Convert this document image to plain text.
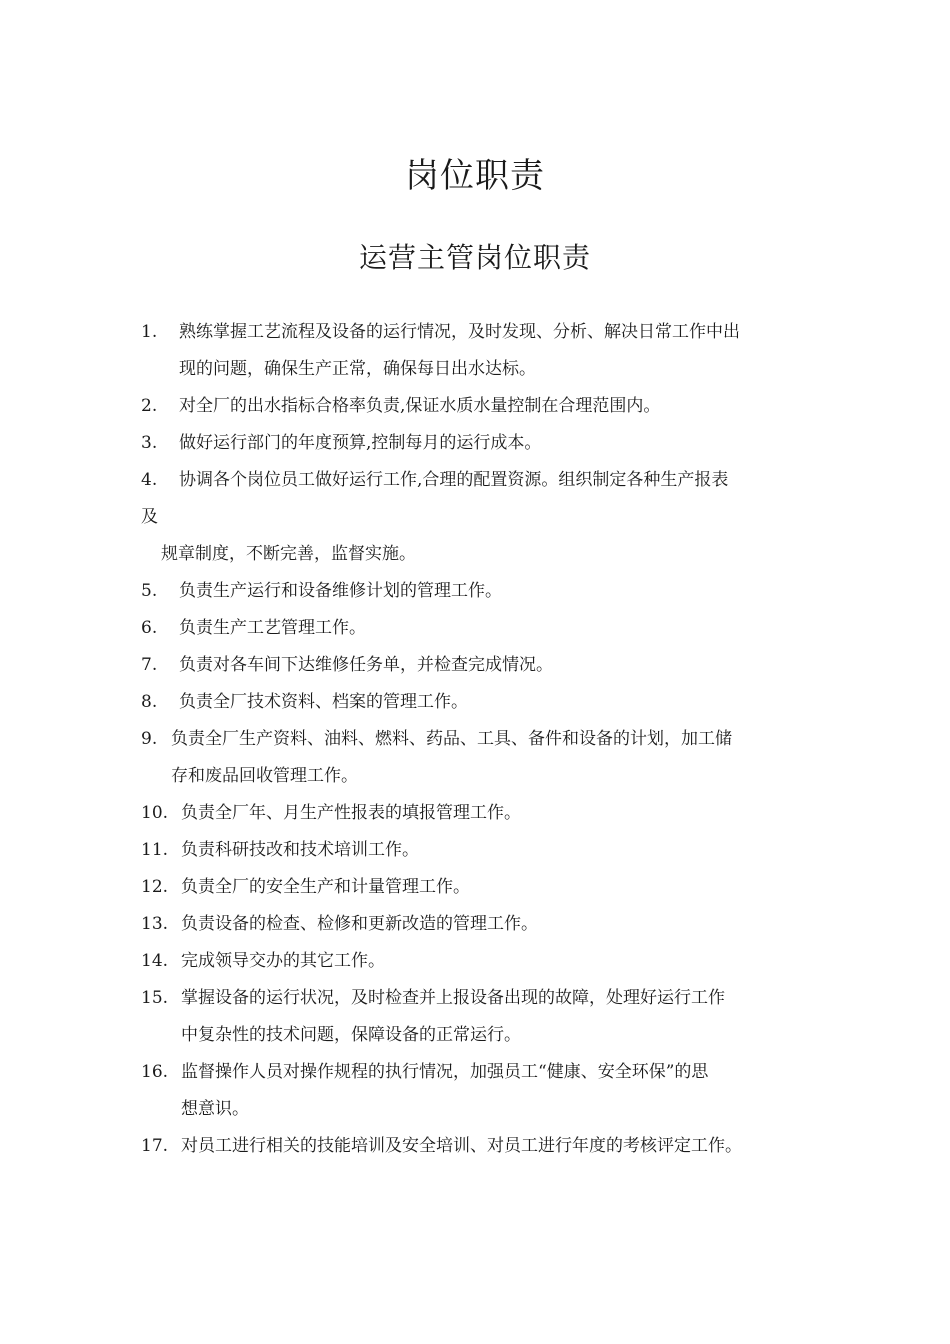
岗位职责
运营主管岗位职责
1.	熟练掌握工艺流程及设备的运行情况，及时发现、分析、解决日常工作中出
现的问题，确保生产正常，确保每日出水达标。
2.	对全厂的出水指标合格率负责,保证水质水量控制在合理范围内。
3.	做好运行部门的年度预算,控制每月的运行成本。
4. 协调各个岗位员工做好运行工作,合理的配置资源。组织制定各种生产报表
及
规章制度，不断完善，监督实施。
5.	负责生产运行和设备维修计划的管理工作。
6.	负责生产工艺管理工作。
7.	负责对各车间下达维修任务单，并检查完成情况。
8.	负责全厂技术资料、档案的管理工作。
9. 负责全厂生产资料、油料、燃料、药品、工具、备件和设备的计划，加工储
存和废品回收管理工作。
10. 负责全厂年、月生产性报表的填报管理工作。
11. 负责科研技改和技术培训工作。
12. 负责全厂的安全生产和计量管理工作。
13. 负责设备的检查、检修和更新改造的管理工作。
14. 完成领导交办的其它工作。
15. 掌握设备的运行状况，及时检查并上报设备出现的故障，处理好运行工作
中复杂性的技术问题，保障设备的正常运行。
16. 监督操作人员对操作规程的执行情况，加强员工“健康、安全环保”的思
想意识。
17. 对员工进行相关的技能培训及安全培训、对员工进行年度的考核评定工作。
